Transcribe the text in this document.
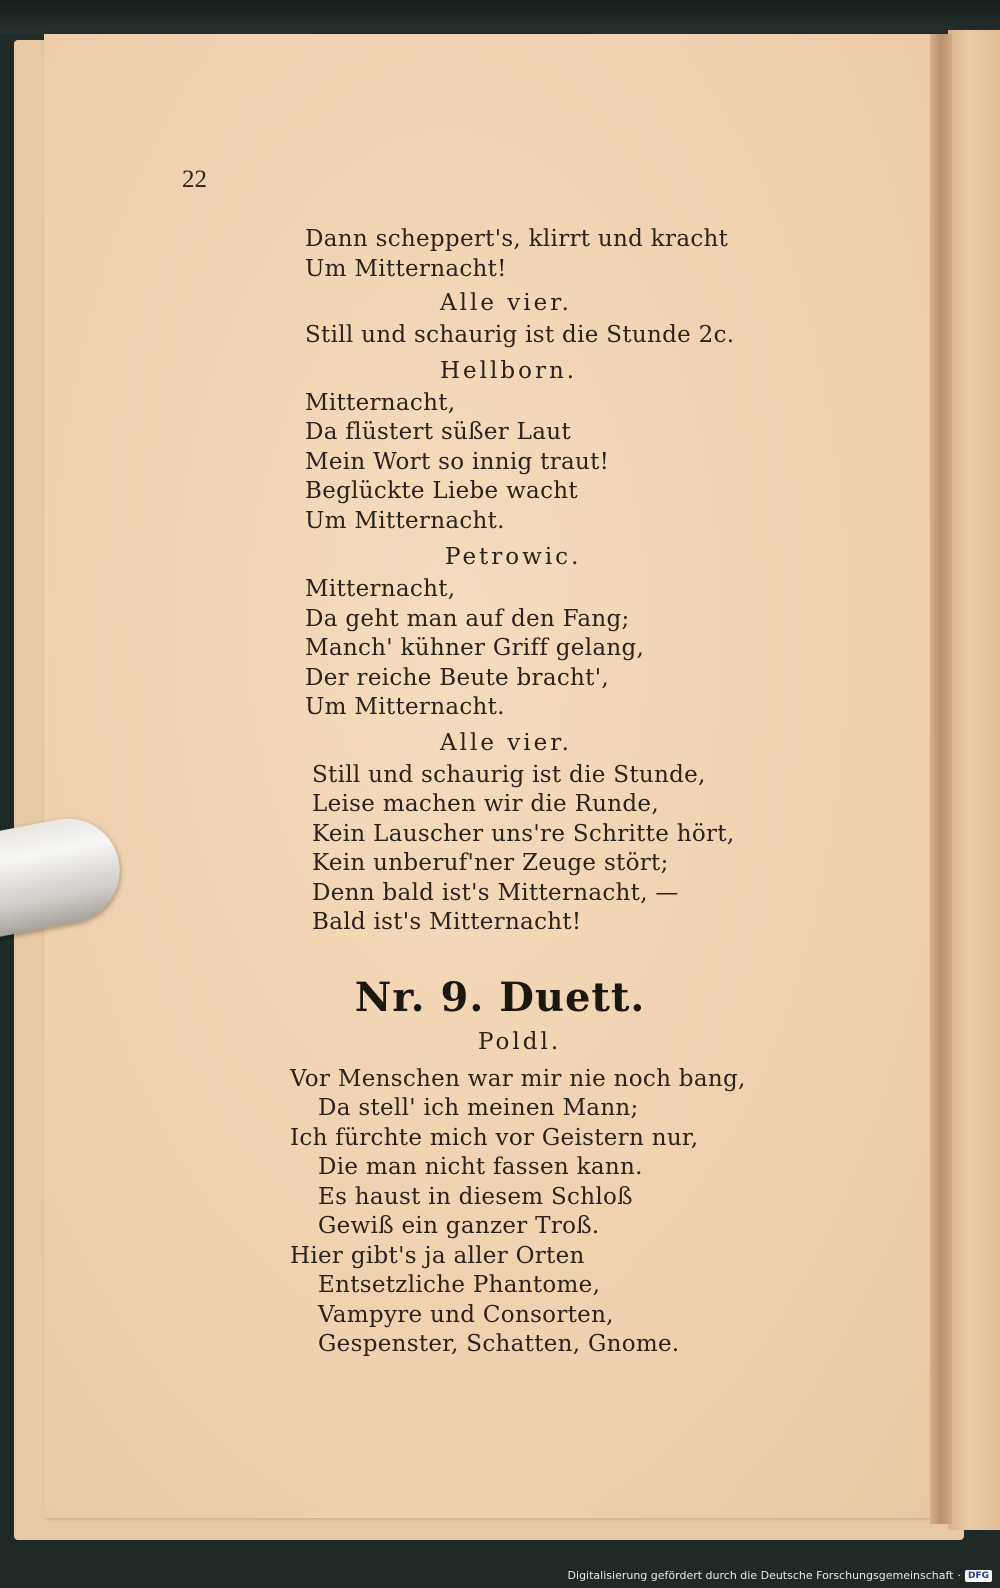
22
Dann scheppert's, klirrt und kracht
Um Mitternacht!
Alle vier.
Still und schaurig ist die Stunde 2c.
Hellborn.
Mitternacht,
Da flüstert süßer Laut
Mein Wort so innig traut!
Beglückte Liebe wacht
Um Mitternacht.
Petrowic.
Mitternacht,
Da geht man auf den Fang;
Manch' kühner Griff gelang,
Der reiche Beute bracht',
Um Mitternacht.
Alle vier.
Still und schaurig ist die Stunde,
Leise machen wir die Runde,
Kein Lauscher uns're Schritte hört,
Kein unberuf'ner Zeuge stört;
Denn bald ist's Mitternacht, —
Bald ist's Mitternacht!
Nr. 9. Duett.
Poldl.
Vor Menschen war mir nie noch bang,
Da stell' ich meinen Mann;
Ich fürchte mich vor Geistern nur,
Die man nicht fassen kann.
Es haust in diesem Schloß
Gewiß ein ganzer Troß.
Hier gibt's ja aller Orten
Entsetzliche Phantome,
Vampyre und Consorten,
Gespenster, Schatten, Gnome.
Digitalisierung gefördert durch die Deutsche Forschungsgemeinschaft · DFG
